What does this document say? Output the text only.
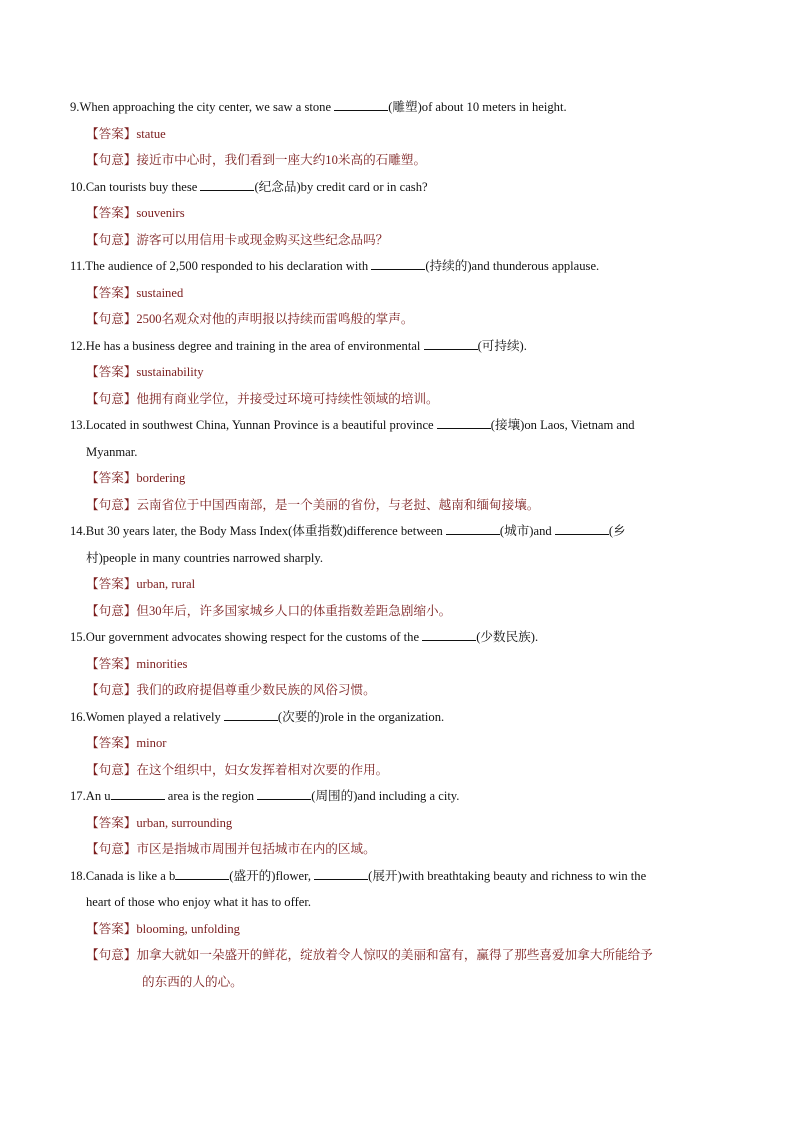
9.When approaching the city center, we saw a stone	(雕塑)of about 10 meters in height.

【答案】statue

【句意】接近市中心时，我们看到一座大约10米高的石雕塑。

10.Can tourists buy these	(纪念品)by credit card or in cash?

【答案】souvenirs

【句意】游客可以用信用卡或现金购买这些纪念品吗？

11.The audience of 2,500 responded to his declaration with	(持续的)and thunderous applause.

【答案】sustained

【句意】2500名观众对他的声明报以持续而雷鸣般的掌声。

12.He has a business degree and training in the area of environmental	(可持续).

【答案】sustainability

【句意】他拥有商业学位，并接受过环境可持续性领域的培训。

13.Located in southwest China, Yunnan Province is a beautiful province	(接壤)on Laos, Vietnam and
Myanmar.

【答案】bordering

【句意】云南省位于中国西南部，是一个美丽的省份，与老挝、越南和缅甸接壤。

14.But 30 years later, the Body Mass Index(体重指数)difference between	(城市)and	(乡
村)people in many countries narrowed sharply.

【答案】urban, rural

【句意】但30年后，许多国家城乡人口的体重指数差距急剧缩小。

15.Our government advocates showing respect for the customs of the	(少数民族).

【答案】minorities

【句意】我们的政府提倡尊重少数民族的风俗习惯。

16.Women played a relatively	(次要的)role in the organization.

【答案】minor

【句意】在这个组织中，妇女发挥着相对次要的作用。

17.An u	area is the region	(周围的)and including a city.

【答案】urban, surrounding

【句意】市区是指城市周围并包括城市在内的区域。

18.Canada is like a b	(盛开的)flower,	(展开)with breathtaking beauty and richness to win the
heart of those who enjoy what it has to offer.

【答案】blooming, unfolding

【句意】加拿大就如一朵盛开的鲜花，绽放着令人惊叹的美丽和富有，赢得了那些喜爱加拿大所能给予
的东西的人的心。
